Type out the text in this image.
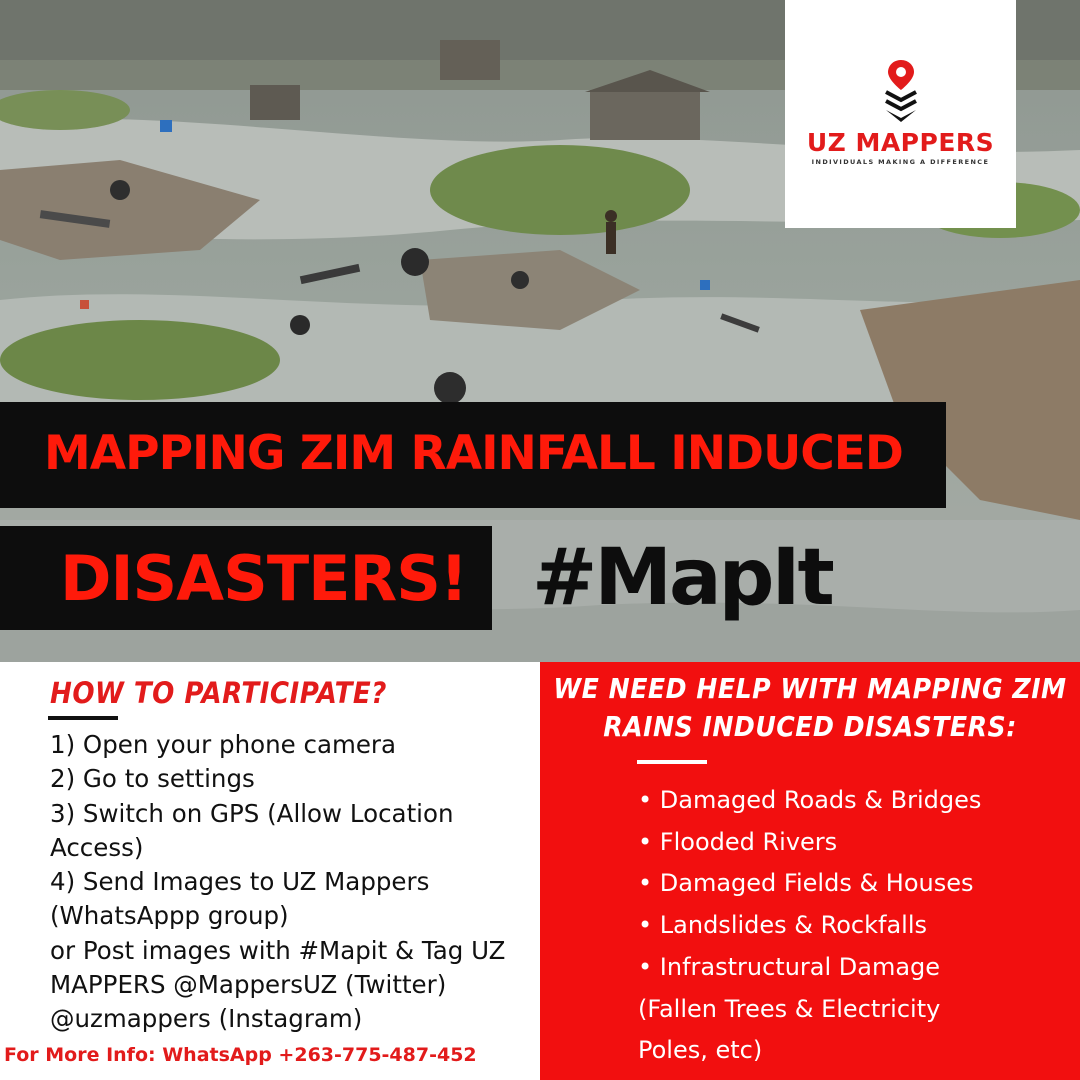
UZ MAPPERS
INDIVIDUALS MAKING A DIFFERENCE
MAPPING ZIM RAINFALL INDUCED
DISASTERS! #MapIt
HOW TO PARTICIPATE?
1) Open your phone camera
2) Go to settings
3) Switch on GPS (Allow Location
Access)
4) Send Images to UZ Mappers
(WhatsAppp group)
or Post images with #Mapit & Tag UZ
MAPPERS @MappersUZ (Twitter)
@uzmappers (Instagram)
For More Info: WhatsApp +263-775-487-452
WE NEED HELP WITH MAPPING ZIM
RAINS INDUCED DISASTERS:
• Damaged Roads & Bridges
• Flooded Rivers
• Damaged Fields & Houses
• Landslides & Rockfalls
• Infrastructural Damage
(Fallen Trees & Electricity
Poles, etc)
